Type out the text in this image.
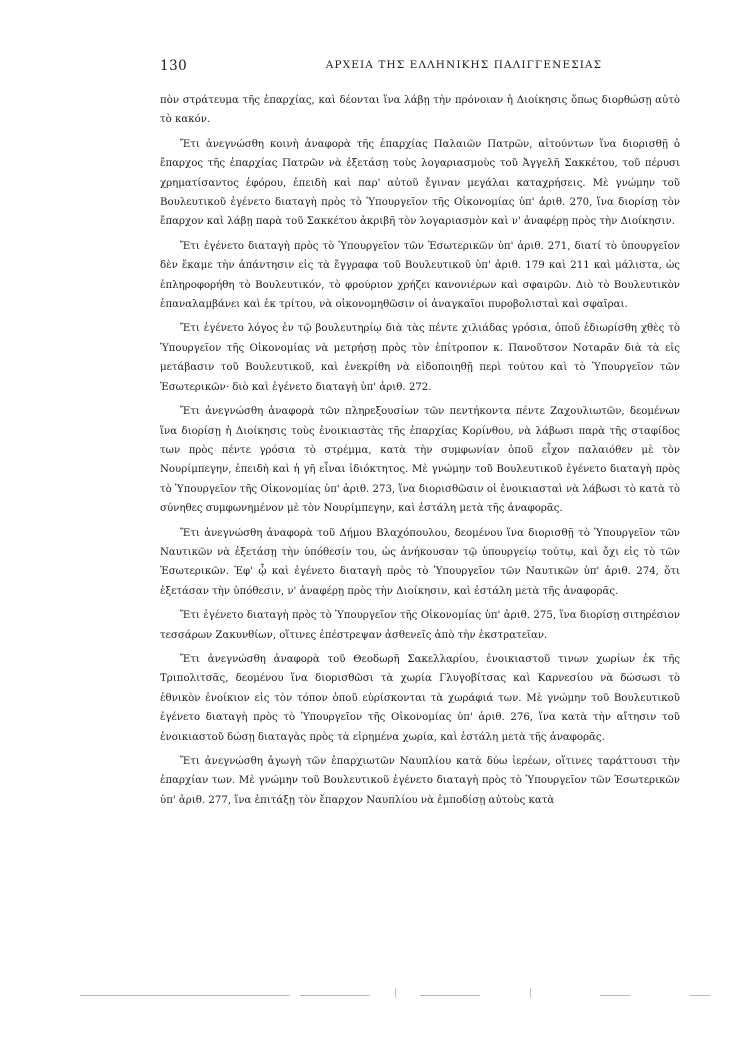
130	ΑΡΧΕΙΑ ΤΗΣ ΕΛΛΗΝΙΚΗΣ ΠΑΛΙΓΓΕΝΕΣΙΑΣ

πὸν στράτευμα τῆς ἐπαρχίας, καὶ δέονται ἵνα λάβῃ τὴν πρόνοιαν ἡ Διοίκησις ὅπως διορθώσῃ αὐτὸ τὸ κακόν.

Ἔτι ἀνεγνώσθη κοινὴ ἀναφορὰ τῆς ἐπαρχίας Παλαιῶν Πατρῶν, αἰτούντων ἵνα διορισθῇ ὁ ἔπαρχος τῆς ἐπαρχίας Πατρῶν νὰ ἐξετάσῃ τοὺς λογαριασμοὺς τοῦ Ἀγγελῆ Σακκέτου, τοῦ πέρυσι χρηματίσαντος ἐφόρου, ἐπειδὴ καὶ παρ' αὐτοῦ ἔγιναν μεγάλαι καταχρήσεις. Μὲ γνώμην τοῦ Βουλευτικοῦ ἐγένετο διαταγὴ πρὸς τὸ Ὑπουργεῖον τῆς Οἰκονομίας ὑπ' ἀριθ. 270, ἵνα διορίσῃ τὸν ἔπαρχον καὶ λάβῃ παρὰ τοῦ Σακκέτου ἀκριβῆ τὸν λογαριασμὸν καὶ ν' ἀναφέρῃ πρὸς τὴν Διοίκησιν.

Ἔτι ἐγένετο διαταγὴ πρὸς τὸ Ὑπουργεῖον τῶν Ἐσωτερικῶν ὑπ' ἀριθ. 271, διατί τὸ ὑπουργεῖον δὲν ἔκαμε τὴν ἀπάντησιν εἰς τὰ ἔγγραφα τοῦ Βουλευτικοῦ ὑπ' ἀριθ. 179 καὶ 211 καὶ μάλιστα, ὡς ἐπληροφορήθη τὸ Βουλευτικόν, τὸ φρούριον χρήζει κανονιέρων καὶ σφαιρῶν. Διὸ τὸ Βουλευτικὸν ἐπαναλαμβάνει καὶ ἐκ τρίτου, νὰ οἰκονομηθῶσιν οἱ ἀναγκαῖοι πυροβολισταὶ καὶ σφαῖραι.

Ἔτι ἐγένετο λόγος ἐν τῷ βουλευτηρίῳ διὰ τὰς πέντε χιλιάδας γρόσια, ὁποῦ ἐδιωρίσθη χθὲς τὸ Ὑπουργεῖον τῆς Οἰκονομίας νὰ μετρήσῃ πρὸς τὸν ἐπίτροπον κ. Πανοῦτσον Νοταρᾶν διὰ τὰ εἰς μετάβασιν τοῦ Βουλευτικοῦ, καὶ ἐνεκρίθη νὰ εἰδοποιηθῇ περὶ τούτου καὶ τὸ Ὑπουργεῖον τῶν Ἐσωτερικῶν· διὸ καὶ ἐγένετο διαταγὴ ὑπ' ἀριθ. 272.

Ἔτι ἀνεγνώσθη ἀναφορὰ τῶν πληρεξουσίων τῶν πεντήκοντα πέντε Ζαχουλιωτῶν, δεομένων ἵνα διορίσῃ ἡ Διοίκησις τοὺς ἐνοικιαστὰς τῆς ἐπαρχίας Κορίνθου, νὰ λάβωσι παρὰ τῆς σταφίδος των πρὸς πέντε γρόσια τὸ στρέμμα, κατὰ τὴν συμφωνίαν ὁποῦ εἶχον παλαιόθεν μὲ τὸν Νουρίμπεγην, ἐπειδὴ καὶ ἡ γῆ εἶναι ἰδιόκτητος. Μὲ γνώμην τοῦ Βουλευτικοῦ ἐγένετο διαταγὴ πρὸς τὸ Ὑπουργεῖον τῆς Οἰκονομίας ὑπ' ἀριθ. 273, ἵνα διορισθῶσιν οἱ ἐνοικιασταὶ νὰ λάβωσι τὸ κατὰ τὸ σύνηθες συμφωνημένον μὲ τὸν Νουρίμπεγην, καὶ ἐστάλη μετὰ τῆς ἀναφορᾶς.

Ἔτι ἀνεγνώσθη ἀναφορὰ τοῦ Δήμου Βλαχόπουλου, δεομένου ἵνα διορισθῇ τὸ Ὑπουργεῖον τῶν Ναυτικῶν νὰ ἐξετάσῃ τὴν ὑπόθεσίν του, ὡς ἀνήκουσαν τῷ ὑπουργείῳ τούτῳ, καὶ ὄχι εἰς τὸ τῶν Ἐσωτερικῶν. Ἐφ' ᾧ καὶ ἐγένετο διαταγὴ πρὸς τὸ Ὑπουργεῖον τῶν Ναυτικῶν ὑπ' ἀριθ. 274, ὅτι ἐξετάσαν τὴν ὑπόθεσιν, ν' ἀναφέρῃ πρὸς τὴν Διοίκησιν, καὶ ἐστάλη μετὰ τῆς ἀναφορᾶς.

Ἔτι ἐγένετο διαταγὴ πρὸς τὸ Ὑπουργεῖον τῆς Οἰκονομίας ὑπ' ἀριθ. 275, ἵνα διορίσῃ σιτηρέσιον τεσσάρων Ζακυνθίων, οἵτινες ἐπέστρεψαν ἀσθενεῖς ἀπὸ τὴν ἐκστρατεῖαν.

Ἔτι ἀνεγνώσθη ἀναφορὰ τοῦ Θεοδωρῆ Σακελλαρίου, ἐνοικιαστοῦ τινων χωρίων ἐκ τῆς Τριπολιτσᾶς, δεομένου ἵνα διορισθῶσι τὰ χωρία Γλυγοβίτσας καὶ Καρνεσίου νὰ δώσωσι τὸ ἐθνικὸν ἐνοίκιον εἰς τὸν τόπον ὁποῦ εὑρίσκονται τὰ χωράφιά των. Μὲ γνώμην τοῦ Βουλευτικοῦ ἐγένετο διαταγὴ πρὸς τὸ Ὑπουργεῖον τῆς Οἰκονομίας ὑπ' ἀριθ. 276, ἵνα κατὰ τὴν αἴτησιν τοῦ ἐνοικιαστοῦ δώσῃ διαταγὰς πρὸς τὰ εἰρημένα χωρία, καὶ ἐστάλη μετὰ τῆς ἀναφορᾶς.

Ἔτι ἀνεγνώσθη ἀγωγὴ τῶν ἐπαρχιωτῶν Ναυπλίου κατὰ δύω ἱερέων, οἵτινες ταράττουσι τὴν ἐπαρχίαν των. Μὲ γνώμην τοῦ Βουλευτικοῦ ἐγένετο διαταγὴ πρὸς τὸ Ὑπουργεῖον τῶν Ἐσωτερικῶν ὑπ' ἀριθ. 277, ἵνα ἐπιτάξῃ τὸν ἔπαρχον Ναυπλίου νὰ ἐμποδίσῃ αὐτοὺς κατὰ
